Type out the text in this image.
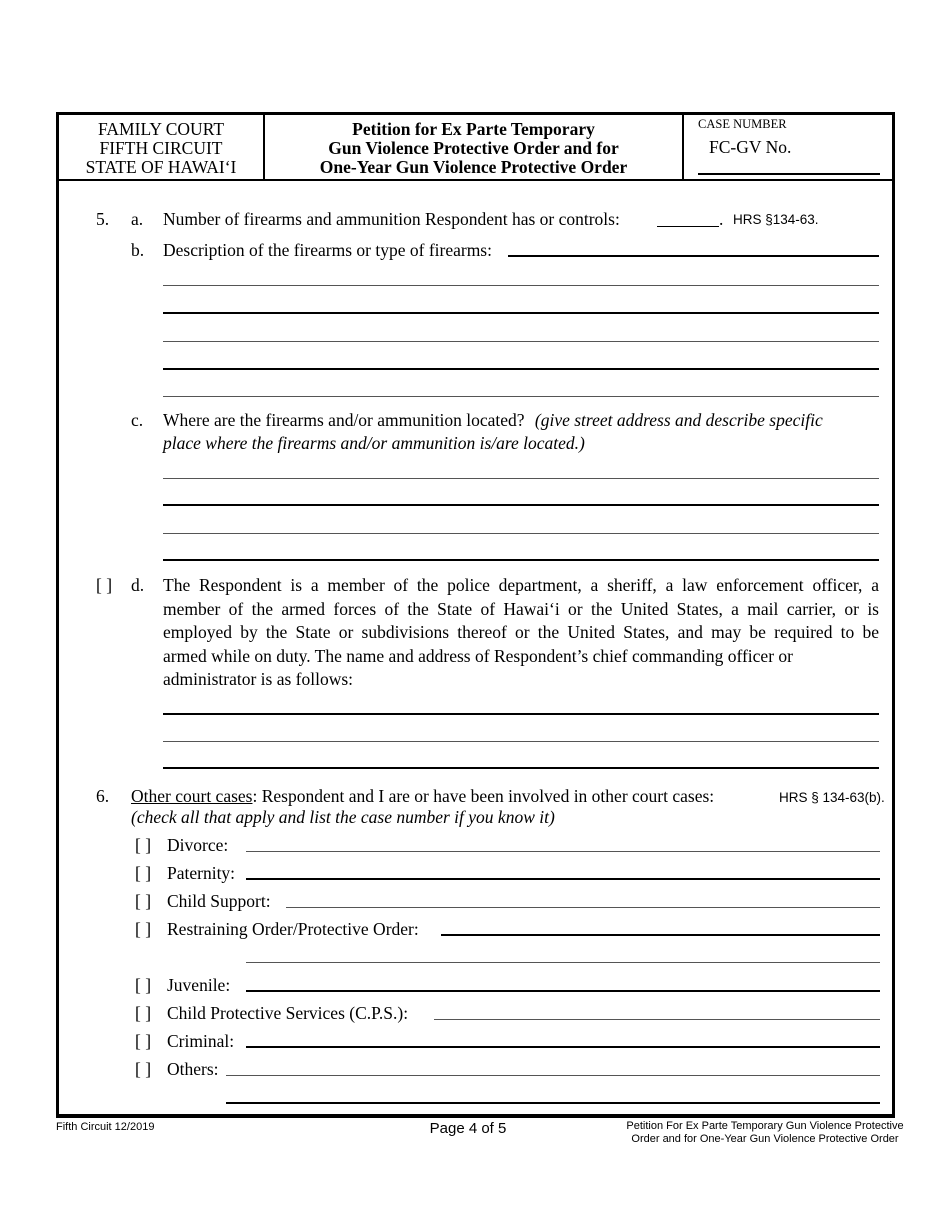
FAMILY COURT
FIFTH CIRCUIT
STATE OF HAWAI‘I
Petition for Ex Parte Temporary
Gun Violence Protective Order and for
One-Year Gun Violence Protective Order
CASE NUMBER
FC-GV No.
5. a. Number of firearms and ammunition Respondent has or controls:	. HRS §134-63.
b. Description of the firearms or type of firearms:
c. Where are the firearms and/or ammunition located? (give street address and describe specific
place where the firearms and/or ammunition is/are located.)
[ ] d. The Respondent is a member of the police department, a sheriff, a law enforcement officer, a
member of the armed forces of the State of Hawai‘i or the United States, a mail carrier, or is
employed by the State or subdivisions thereof or the United States, and may be required to be
armed while on duty. The name and address of Respondent’s chief commanding officer or
administrator is as follows:
6. Other court cases: Respondent and I are or have been involved in other court cases:	HRS § 134-63(b).
(check all that apply and list the case number if you know it)
[ ] Divorce:
[ ] Paternity:
[ ] Child Support:
[ ] Restraining Order/Protective Order:
[ ] Juvenile:
[ ] Child Protective Services (C.P.S.):
[ ] Criminal:
[ ] Others:
Fifth Circuit 12/2019	Page 4 of 5	Petition For Ex Parte Temporary Gun Violence Protective
Order and for One-Year Gun Violence Protective Order
